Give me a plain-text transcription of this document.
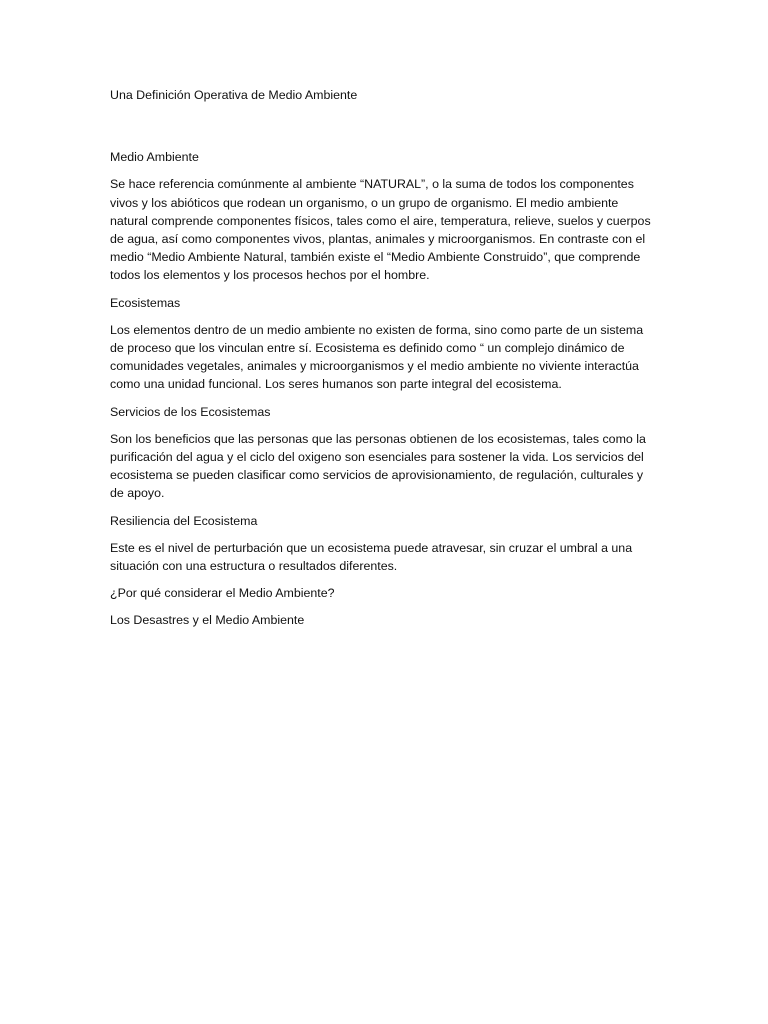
Una Definición Operativa de Medio Ambiente
Medio Ambiente

Se hace referencia comúnmente al ambiente “NATURAL”, o la suma de todos los componentes vivos y los abióticos que rodean un organismo, o un grupo de organismo. El medio ambiente natural comprende componentes físicos, tales como el aire, temperatura, relieve, suelos y cuerpos de agua, así como componentes vivos, plantas, animales y microorganismos. En contraste con el medio “Medio Ambiente Natural, también existe el “Medio Ambiente Construido”, que comprende todos los elementos y los procesos hechos por el hombre.

Ecosistemas

Los elementos dentro de un medio ambiente no existen de forma, sino como parte de un sistema de proceso que los vinculan entre sí. Ecosistema es definido como “ un complejo dinámico de comunidades vegetales, animales y microorganismos y el medio ambiente no viviente interactúa como una unidad funcional. Los seres humanos son parte integral del ecosistema.

Servicios de los Ecosistemas

Son los beneficios que las personas que las personas obtienen de los ecosistemas, tales como la purificación del agua y el ciclo del oxigeno son esenciales para sostener la vida. Los servicios del ecosistema se pueden clasificar como servicios de aprovisionamiento, de regulación, culturales y de apoyo.

Resiliencia del Ecosistema

Este es el nivel de perturbación que un ecosistema puede atravesar, sin cruzar el umbral a una situación con una estructura o resultados diferentes.

¿Por qué considerar el Medio Ambiente?
Los Desastres y el Medio Ambiente
